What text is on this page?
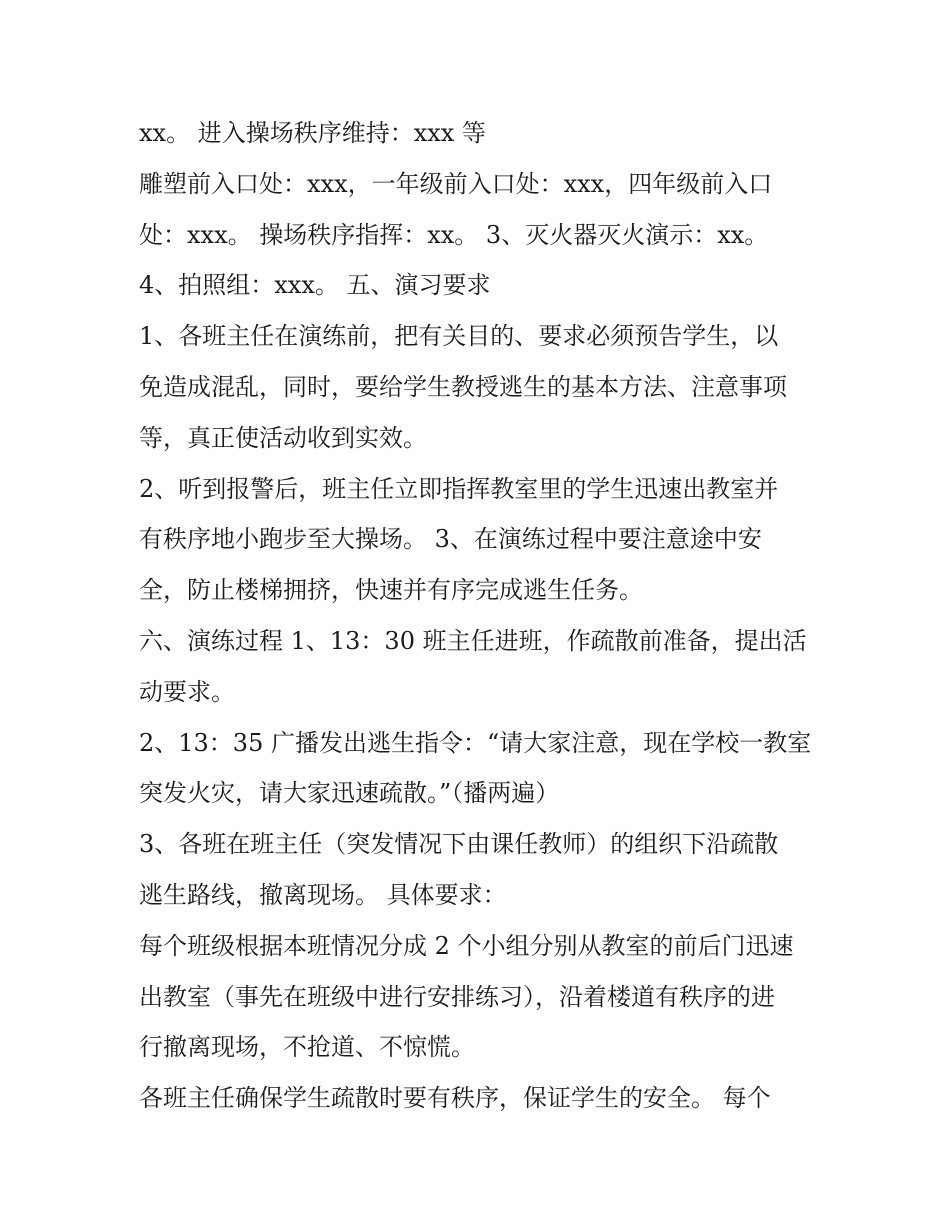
xx。 进入操场秩序维持：xxx 等
雕塑前入口处：xxx，一年级前入口处：xxx，四年级前入口
处：xxx。 操场秩序指挥：xx。 3、灭火器灭火演示：xx。
4、拍照组：xxx。 五、演习要求
1、各班主任在演练前，把有关目的、要求必须预告学生，以
免造成混乱，同时，要给学生教授逃生的基本方法、注意事项
等，真正使活动收到实效。
2、听到报警后，班主任立即指挥教室里的学生迅速出教室并
有秩序地小跑步至大操场。 3、在演练过程中要注意途中安
全，防止楼梯拥挤，快速并有序完成逃生任务。
六、演练过程 1、13：30 班主任进班，作疏散前准备，提出活
动要求。
2、13：35 广播发出逃生指令：“请大家注意，现在学校一教室
突发火灾，请大家迅速疏散。”（播两遍）
3、各班在班主任（突发情况下由课任教师）的组织下沿疏散
逃生路线，撤离现场。 具体要求：
每个班级根据本班情况分成 2 个小组分别从教室的前后门迅速
出教室（事先在班级中进行安排练习），沿着楼道有秩序的进
行撤离现场，不抢道、不惊慌。
各班主任确保学生疏散时要有秩序，保证学生的安全。 每个
